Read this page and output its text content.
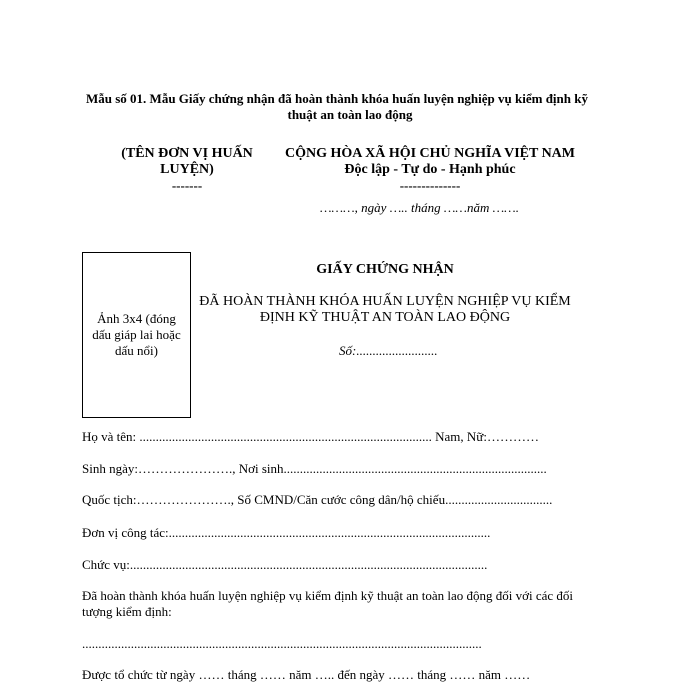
Mẫu số 01. Mẫu Giấy chứng nhận đã hoàn thành khóa huấn luyện nghiệp vụ kiểm định kỹ
thuật an toàn lao động
(TÊN ĐƠN VỊ HUẤN
LUYỆN)
-------
CỘNG HÒA XÃ HỘI CHỦ NGHĨA VIỆT NAM
Độc lập - Tự do - Hạnh phúc
--------------
………, ngày ….. tháng ……năm …….
Ảnh 3x4 (đóng
dấu giáp lai hoặc
dấu nổi)
GIẤY CHỨNG NHẬN
ĐÃ HOÀN THÀNH KHÓA HUẤN LUYỆN NGHIỆP VỤ KIỂM
ĐỊNH KỸ THUẬT AN TOÀN LAO ĐỘNG
Số:.........................
Họ và tên: .......................................................................................... Nam, Nữ:…………
Sinh ngày:…………………., Nơi sinh.................................................................................
Quốc tịch:…………………., Số CMND/Căn cước công dân/hộ chiếu.................................
Đơn vị công tác:...................................................................................................
Chức vụ:..............................................................................................................
Đã hoàn thành khóa huấn luyện nghiệp vụ kiểm định kỹ thuật an toàn lao động đối với các đối
tượng kiểm định:
...........................................................................................................................
Được tổ chức từ ngày …… tháng …… năm ….. đến ngày …… tháng …… năm ……
